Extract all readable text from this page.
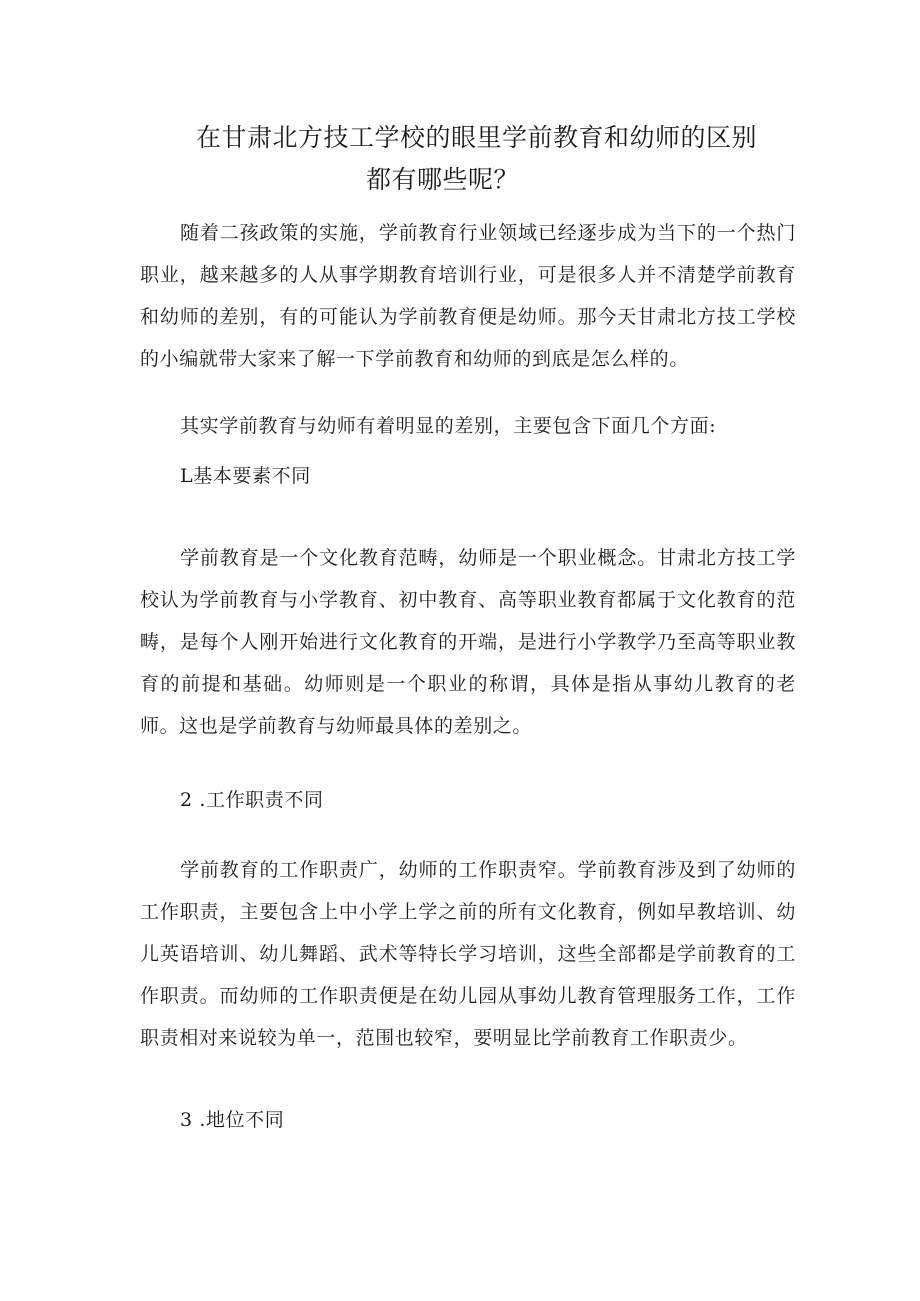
在甘肃北方技工学校的眼里学前教育和幼师的区别
都有哪些呢？

随着二孩政策的实施，学前教育行业领域已经逐步成为当下的一个热门职业，越来越多的人从事学期教育培训行业，可是很多人并不清楚学前教育和幼师的差别，有的可能认为学前教育便是幼师。那今天甘肃北方技工学校的小编就带大家来了解一下学前教育和幼师的到底是怎么样的。

其实学前教育与幼师有着明显的差别，主要包含下面几个方面:

L基本要素不同

学前教育是一个文化教育范畴，幼师是一个职业概念。甘肃北方技工学校认为学前教育与小学教育、初中教育、高等职业教育都属于文化教育的范畴，是每个人刚开始进行文化教育的开端，是进行小学教学乃至高等职业教育的前提和基础。幼师则是一个职业的称谓，具体是指从事幼儿教育的老师。这也是学前教育与幼师最具体的差别之。

2 .工作职责不同

学前教育的工作职责广，幼师的工作职责窄。学前教育涉及到了幼师的工作职责，主要包含上中小学上学之前的所有文化教育，例如早教培训、幼儿英语培训、幼儿舞蹈、武术等特长学习培训，这些全部都是学前教育的工作职责。而幼师的工作职责便是在幼儿园从事幼儿教育管理服务工作，工作职责相对来说较为单一，范围也较窄，要明显比学前教育工作职责少。

3 .地位不同
